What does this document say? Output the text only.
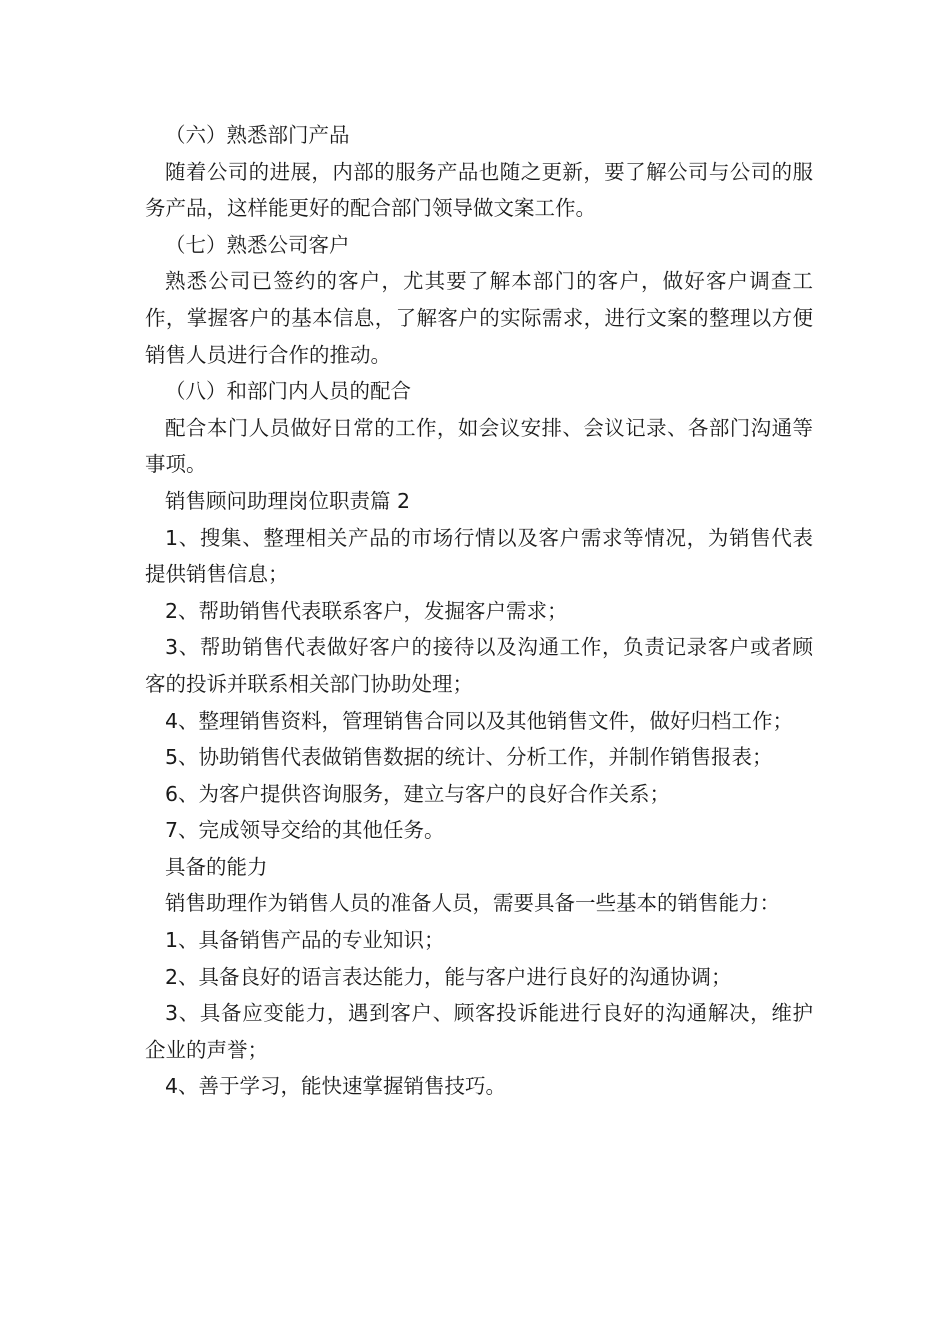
（六）熟悉部门产品

随着公司的进展，内部的服务产品也随之更新，要了解公司与公司的服务产品，这样能更好的配合部门领导做文案工作。

（七）熟悉公司客户

熟悉公司已签约的客户，尤其要了解本部门的客户，做好客户调查工作，掌握客户的基本信息，了解客户的实际需求，进行文案的整理以方便销售人员进行合作的推动。

（八）和部门内人员的配合

配合本门人员做好日常的工作，如会议安排、会议记录、各部门沟通等事项。

销售顾问助理岗位职责篇 2

1、搜集、整理相关产品的市场行情以及客户需求等情况，为销售代表提供销售信息；

2、帮助销售代表联系客户，发掘客户需求；

3、帮助销售代表做好客户的接待以及沟通工作，负责记录客户或者顾客的投诉并联系相关部门协助处理；

4、整理销售资料，管理销售合同以及其他销售文件，做好归档工作；

5、协助销售代表做销售数据的统计、分析工作，并制作销售报表；

6、为客户提供咨询服务，建立与客户的良好合作关系；

7、完成领导交给的其他任务。

具备的能力

销售助理作为销售人员的准备人员，需要具备一些基本的销售能力：

1、具备销售产品的专业知识；

2、具备良好的语言表达能力，能与客户进行良好的沟通协调；

3、具备应变能力，遇到客户、顾客投诉能进行良好的沟通解决，维护企业的声誉；

4、善于学习，能快速掌握销售技巧。
